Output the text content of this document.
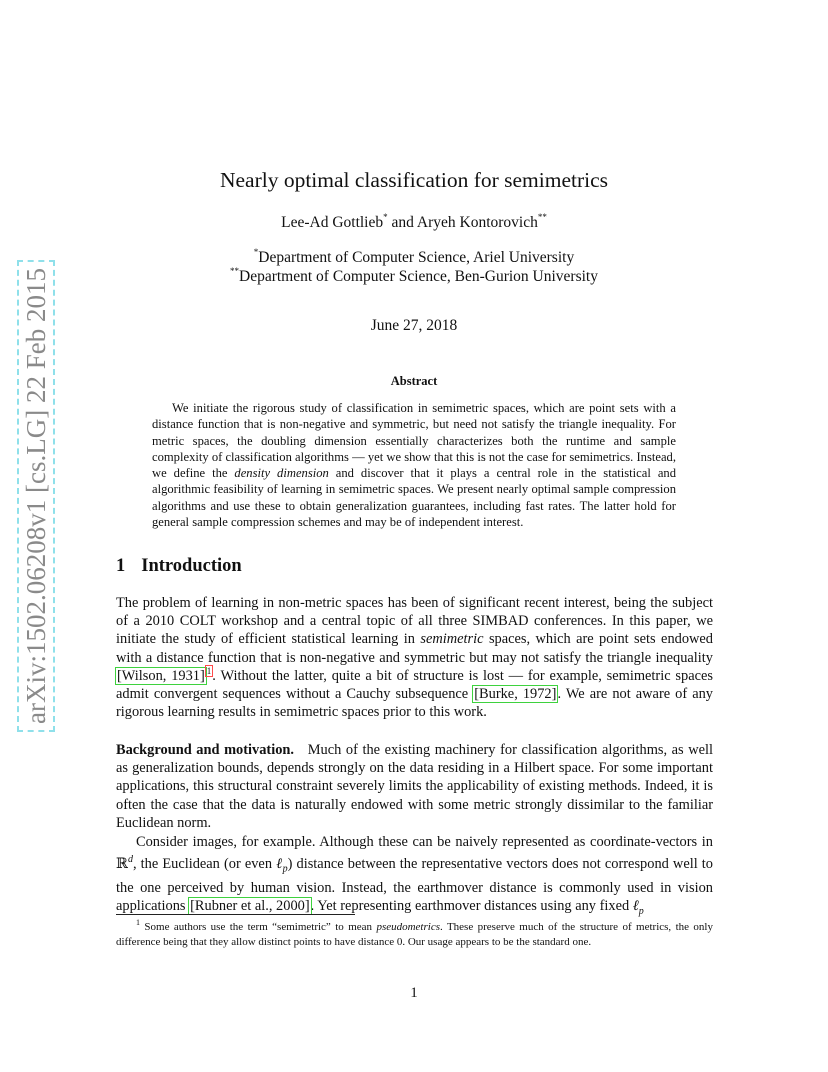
arXiv:1502.06208v1 [cs.LG] 22 Feb 2015
Nearly optimal classification for semimetrics
Lee-Ad Gottlieb* and Aryeh Kontorovich**
*Department of Computer Science, Ariel University
**Department of Computer Science, Ben-Gurion University
June 27, 2018
Abstract
We initiate the rigorous study of classification in semimetric spaces, which are point sets with a distance function that is non-negative and symmetric, but need not satisfy the triangle inequality. For metric spaces, the doubling dimension essentially characterizes both the runtime and sample complexity of classification algorithms — yet we show that this is not the case for semimetrics. Instead, we define the density dimension and discover that it plays a central role in the statistical and algorithmic feasibility of learning in semimetric spaces. We present nearly optimal sample compression algorithms and use these to obtain generalization guarantees, including fast rates. The latter hold for general sample compression schemes and may be of independent interest.
1 Introduction
The problem of learning in non-metric spaces has been of significant recent interest, being the subject of a 2010 COLT workshop and a central topic of all three SIMBAD conferences. In this paper, we initiate the study of efficient statistical learning in semimetric spaces, which are point sets endowed with a distance function that is non-negative and symmetric but may not satisfy the triangle inequality [Wilson, 1931] $^1$. Without the latter, quite a bit of structure is lost — for example, semimetric spaces admit convergent sequences without a Cauchy subsequence [Burke, 1972]. We are not aware of any rigorous learning results in semimetric spaces prior to this work.
Background and motivation.   Much of the existing machinery for classification algorithms, as well as generalization bounds, depends strongly on the data residing in a Hilbert space. For some important applications, this structural constraint severely limits the applicability of existing methods. Indeed, it is often the case that the data is naturally endowed with some metric strongly dissimilar to the familiar Euclidean norm.
Consider images, for example. Although these can be naively represented as coordinate-vectors in ℝ$^d$, the Euclidean (or even ℓ$_p$) distance between the representative vectors does not correspond well to the one perceived by human vision. Instead, the earthmover distance is commonly used in vision applications [Rubner et al., 2000]. Yet representing earthmover distances using any fixed ℓ$_p$
$^1$ Some authors use the term “semimetric” to mean pseudometrics. These preserve much of the structure of metrics, the only difference being that they allow distinct points to have distance 0. Our usage appears to be the standard one.
1
